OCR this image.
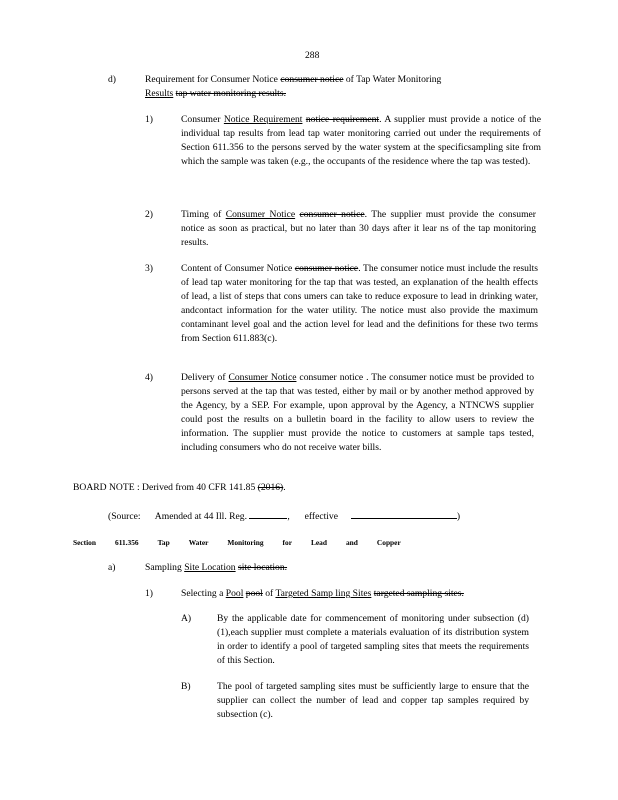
288
d)	Requirement for Consumer Notice consumer notice of Tap Water Monitoring
Results tap water monitoring results.
1)	Consumer Notice Requirement notice requirement. A supplier must provide a notice of the individual tap results from lead tap water monitoring carried out under the requirements of Section 611.356 to the persons served by the water system at the specificsampling site from which the sample was taken (e.g., the occupants of the residence where the tap was tested).
2)	Timing of Consumer Notice consumer notice. The supplier must provide the consumer notice as soon as practical, but no later than 30 days after it lear ns of the tap monitoring results.
3)	Content of Consumer Notice consumer notice. The consumer notice must include the results of lead tap water monitoring for the tap that was tested, an explanation of the health effects of lead, a list of steps that cons umers can take to reduce exposure to lead in drinking water, andcontact information for the water utility. The notice must also provide the maximum contaminant level goal and the action level for lead and the definitions for these two terms from Section 611.883(c).
4)	Delivery of Consumer Notice consumer notice . The consumer notice must be provided to persons served at the tap that was tested, either by mail or by another method approved by the Agency, by a SEP. For example, upon approval by the Agency, a NTNCWS supplier could post the results on a bulletin board in the facility to allow users to review the information. The supplier must provide the notice to customers at sample taps tested, including consumers who do not receive water bills.
BOARD NOTE : Derived from 40 CFR 141.85 (2016).
(Source: Amended at 44 Ill. Reg.	, effective	)
Section	611.356	Tap	Water	Monitoring	for	Lead	and	Copper
a)	Sampling Site Location site location.
1)	Selecting a Pool pool of Targeted Samp ling Sites targeted sampling sites.
A)	By the applicable date for commencement of monitoring under subsection (d)(1),each supplier must complete a materials evaluation of its distribution system in order to identify a pool of targeted sampling sites that meets the requirements of this Section.
B)	The pool of targeted sampling sites must be sufficiently large to ensure that the supplier can collect the number of lead and copper tap samples required by subsection (c).
